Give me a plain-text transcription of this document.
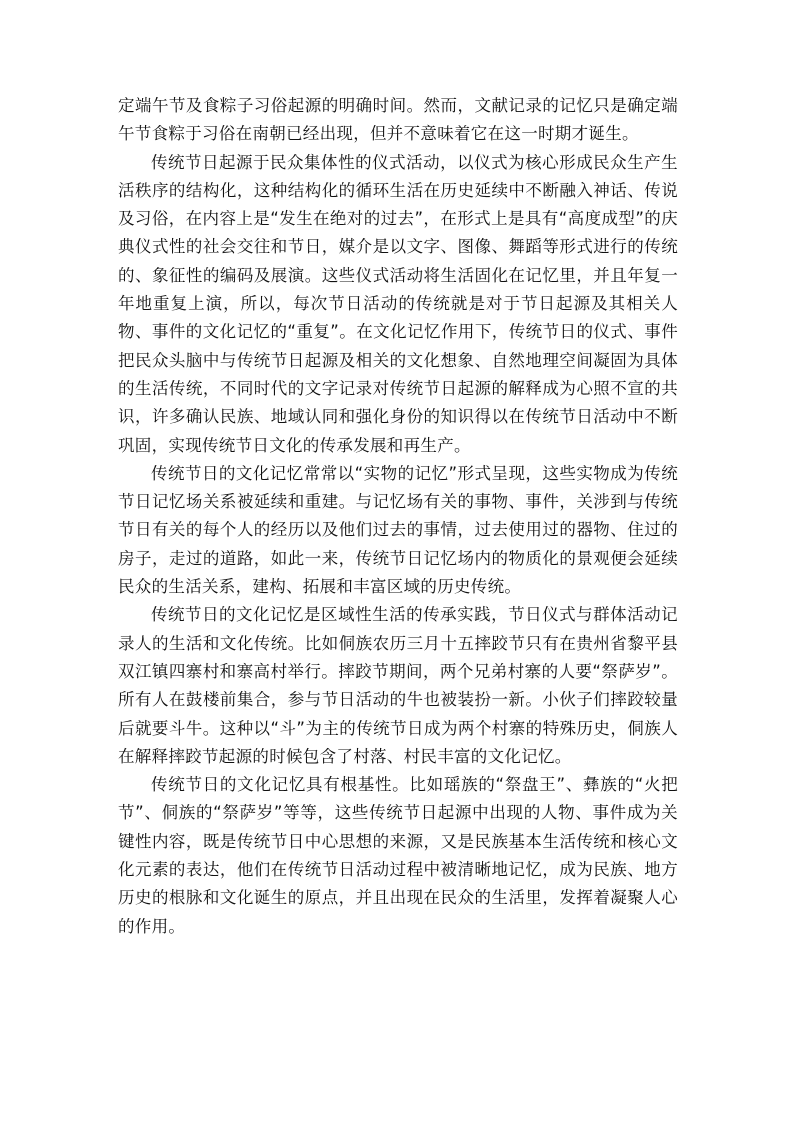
定端午节及食粽子习俗起源的明确时间。然而，文献记录的记忆只是确定端午节食粽于习俗在南朝已经出现，但并不意味着它在这一时期才诞生。

传统节日起源于民众集体性的仪式活动，以仪式为核心形成民众生产生活秩序的结构化，这种结构化的循环生活在历史延续中不断融入神话、传说及习俗，在内容上是“发生在绝对的过去”，在形式上是具有“高度成型”的庆典仪式性的社会交往和节日，媒介是以文字、图像、舞蹈等形式进行的传统的、象征性的编码及展演。这些仪式活动将生活固化在记忆里，并且年复一年地重复上演，所以，每次节日活动的传统就是对于节日起源及其相关人物、事件的文化记忆的“重复”。在文化记忆作用下，传统节日的仪式、事件把民众头脑中与传统节日起源及相关的文化想象、自然地理空间凝固为具体的生活传统，不同时代的文字记录对传统节日起源的解释成为心照不宣的共识，许多确认民族、地域认同和强化身份的知识得以在传统节日活动中不断巩固，实现传统节日文化的传承发展和再生产。

传统节日的文化记忆常常以“实物的记忆”形式呈现，这些实物成为传统节日记忆场关系被延续和重建。与记忆场有关的事物、事件，关涉到与传统节日有关的每个人的经历以及他们过去的事情，过去使用过的器物、住过的房子，走过的道路，如此一来，传统节日记忆场内的物质化的景观便会延续民众的生活关系，建构、拓展和丰富区域的历史传统。

传统节日的文化记忆是区域性生活的传承实践，节日仪式与群体活动记录人的生活和文化传统。比如侗族农历三月十五摔跤节只有在贵州省黎平县双江镇四寨村和寨高村举行。摔跤节期间，两个兄弟村寨的人要“祭萨岁”。所有人在鼓楼前集合，参与节日活动的牛也被装扮一新。小伙子们摔跤较量后就要斗牛。这种以“斗”为主的传统节日成为两个村寨的特殊历史，侗族人在解释摔跤节起源的时候包含了村落、村民丰富的文化记忆。

传统节日的文化记忆具有根基性。比如瑶族的“祭盘王”、彝族的“火把节”、侗族的“祭萨岁”等等，这些传统节日起源中出现的人物、事件成为关键性内容，既是传统节日中心思想的来源，又是民族基本生活传统和核心文化元素的表达，他们在传统节日活动过程中被清晰地记忆，成为民族、地方历史的根脉和文化诞生的原点，并且出现在民众的生活里，发挥着凝聚人心的作用。
